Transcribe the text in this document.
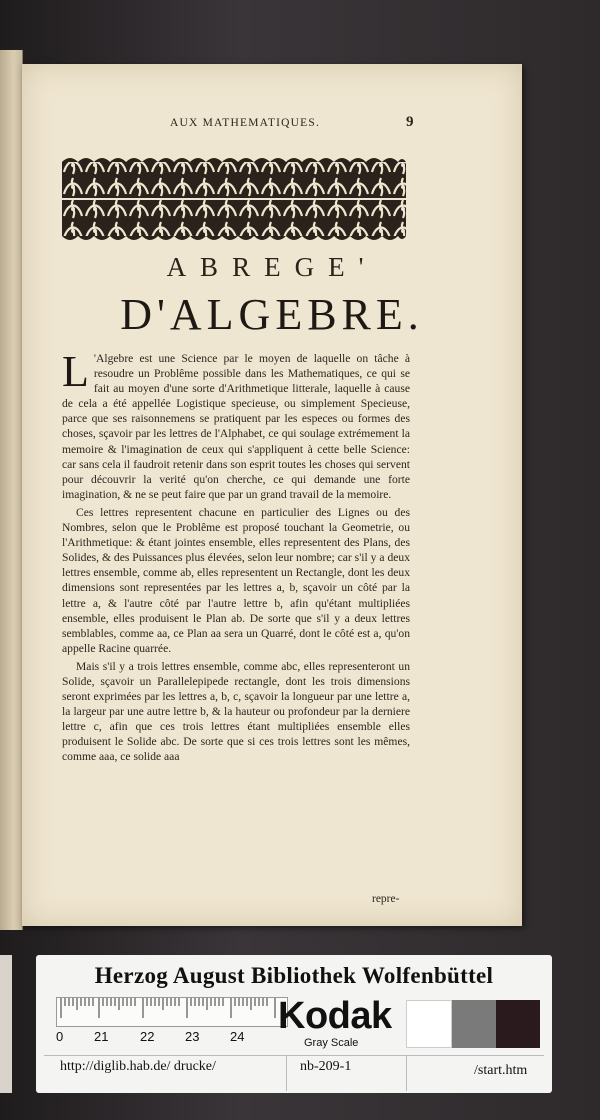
AUX MATHEMATIQUES.	9
ABREGE'
D'ALGEBRE.

L 'Algebre est une Science par le moyen de laquelle on tâche à resoudre un Problême possible dans les Mathematiques, ce qui se fait au moyen d'une sorte d'Arithmetique litterale, laquelle à cause de cela a été appellée Logistique specieuse, ou simplement Specieuse, parce que ses raisonnemens se pratiquent par les especes ou formes des choses, sçavoir par les lettres de l'Alphabet, ce qui soulage extrémement la memoire & l'imagination de ceux qui s'appliquent à cette belle Science: car sans cela il faudroit retenir dans son esprit toutes les choses qui servent pour découvrir la verité qu'on cherche, ce qui demande une forte imagination, & ne se peut faire que par un grand travail de la memoire.

Ces lettres representent chacune en particulier des Lignes ou des Nombres, selon que le Problême est proposé touchant la Geometrie, ou l'Arithmetique: & étant jointes ensemble, elles representent des Plans, des Solides, & des Puissances plus élevées, selon leur nombre; car s'il y a deux lettres ensemble, comme ab, elles representent un Rectangle, dont les deux dimensions sont representées par les lettres a, b, sçavoir un côté par la lettre a, & l'autre côté par l'autre lettre b, afin qu'étant multipliées ensemble, elles produisent le Plan ab. De sorte que s'il y a deux lettres semblables, comme aa, ce Plan aa sera un Quarré, dont le côté est a, qu'on appelle Racine quarrée.

Mais s'il y a trois lettres ensemble, comme abc, elles representeront un Solide, sçavoir un Parallelepipede rectangle, dont les trois dimensions seront exprimées par les lettres a, b, c, sçavoir la longueur par une lettre a, la largeur par une autre lettre b, & la hauteur ou profondeur par la derniere lettre c, afin que ces trois lettres étant multipliées ensemble elles produisent le Solide abc. De sorte que si ces trois lettres sont les mêmes, comme aaa, ce solide aaa

repre-
Herzog August Bibliothek Wolfenbüttel
0 21 22 23 24 Kodak
Gray Scale
http://diglib.hab.de/ drucke/	nb-209-1	/start.htm
